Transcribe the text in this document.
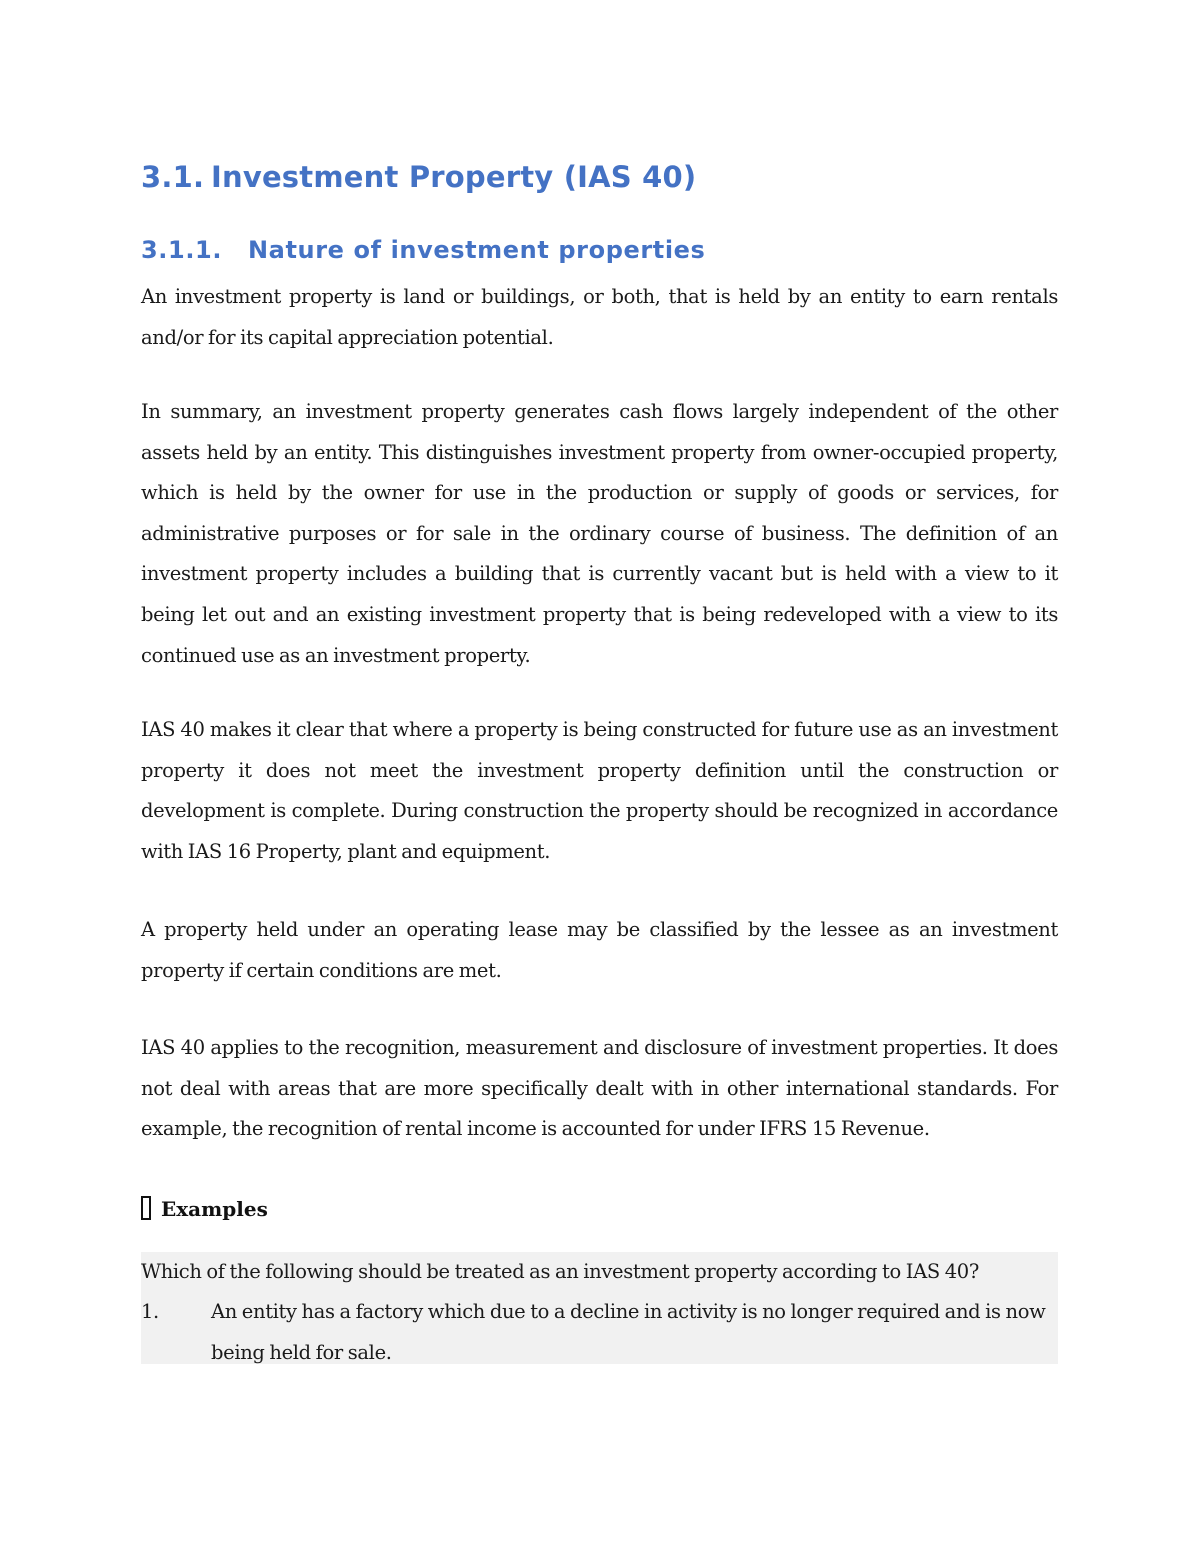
3.1. Investment Property (IAS 40)
3.1.1. Nature of investment properties

An investment property is land or buildings, or both, that is held by an entity to earn rentals and/or for its capital appreciation potential.

In summary, an investment property generates cash flows largely independent of the other assets held by an entity. This distinguishes investment property from owner-occupied property, which is held by the owner for use in the production or supply of goods or services, for administrative purposes or for sale in the ordinary course of business. The definition of an investment property includes a building that is currently vacant but is held with a view to it being let out and an existing investment property that is being redeveloped with a view to its continued use as an investment property.

IAS 40 makes it clear that where a property is being constructed for future use as an investment property it does not meet the investment property definition until the construction or development is complete. During construction the property should be recognized in accordance with IAS 16 Property, plant and equipment.

A property held under an operating lease may be classified by the lessee as an investment property if certain conditions are met.

IAS 40 applies to the recognition, measurement and disclosure of investment properties. It does not deal with areas that are more specifically dealt with in other international standards. For example, the recognition of rental income is accounted for under IFRS 15 Revenue.

Examples
Which of the following should be treated as an investment property according to IAS 40?
1.	An entity has a factory which due to a decline in activity is no longer required and is now being held for sale.
